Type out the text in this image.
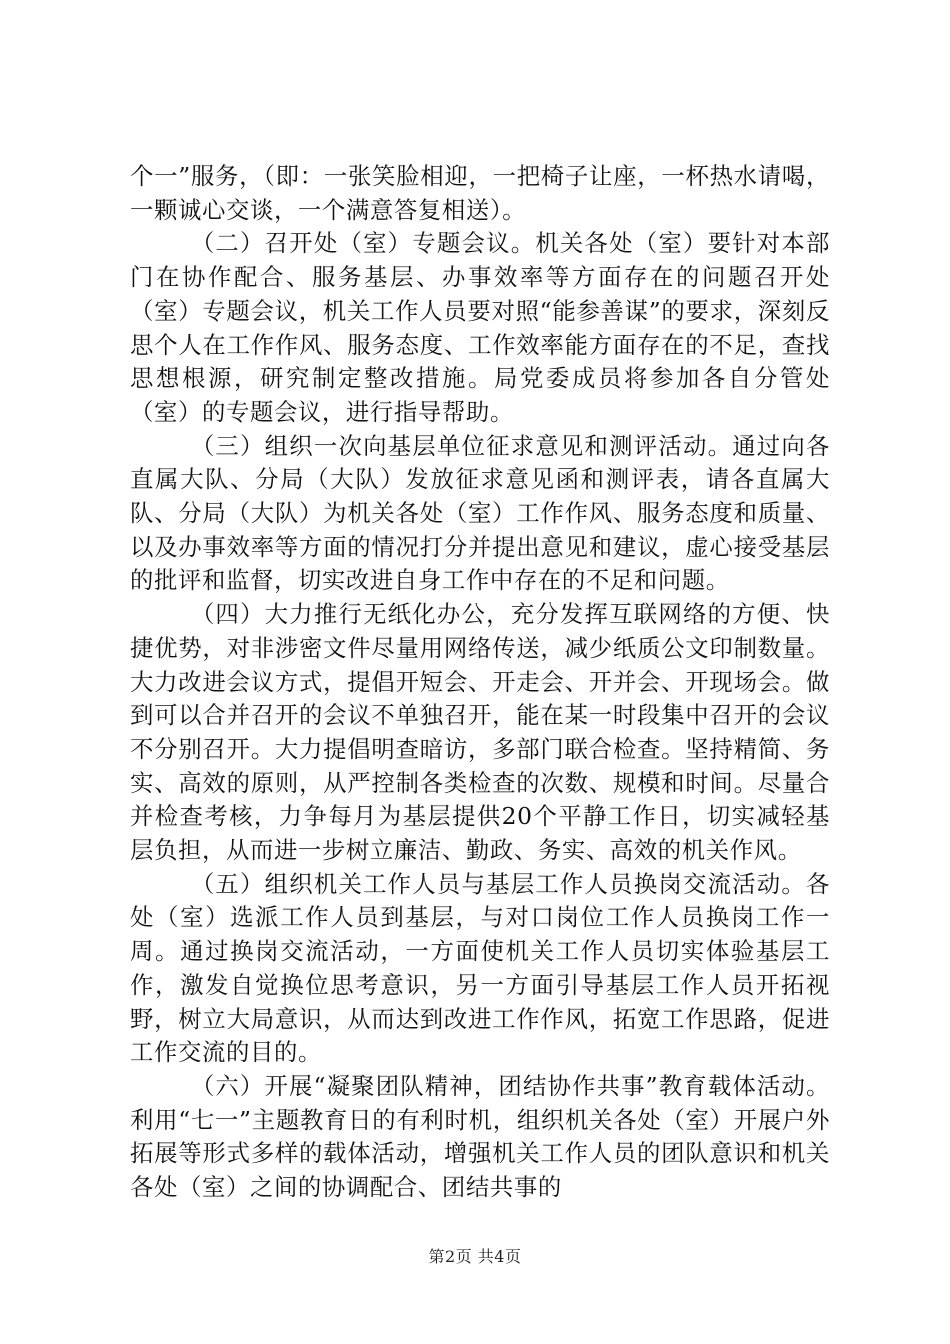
个一”服务，（即：一张笑脸相迎，一把椅子让座，一杯热水请喝，一颗诚心交谈，一个满意答复相送）。

（二）召开处（室）专题会议。机关各处（室）要针对本部门在协作配合、服务基层、办事效率等方面存在的问题召开处（室）专题会议，机关工作人员要对照“能参善谋”的要求，深刻反思个人在工作作风、服务态度、工作效率能方面存在的不足，查找思想根源，研究制定整改措施。局党委成员将参加各自分管处（室）的专题会议，进行指导帮助。

（三）组织一次向基层单位征求意见和测评活动。通过向各直属大队、分局（大队）发放征求意见函和测评表，请各直属大队、分局（大队）为机关各处（室）工作作风、服务态度和质量、以及办事效率等方面的情况打分并提出意见和建议，虚心接受基层的批评和监督，切实改进自身工作中存在的不足和问题。

（四）大力推行无纸化办公，充分发挥互联网络的方便、快捷优势，对非涉密文件尽量用网络传送，减少纸质公文印制数量。大力改进会议方式，提倡开短会、开走会、开并会、开现场会。做到可以合并召开的会议不单独召开，能在某一时段集中召开的会议不分别召开。大力提倡明查暗访，多部门联合检查。坚持精简、务实、高效的原则，从严控制各类检查的次数、规模和时间。尽量合并检查考核，力争每月为基层提供20个平静工作日，切实减轻基层负担，从而进一步树立廉洁、勤政、务实、高效的机关作风。

（五）组织机关工作人员与基层工作人员换岗交流活动。各处（室）选派工作人员到基层，与对口岗位工作人员换岗工作一周。通过换岗交流活动，一方面使机关工作人员切实体验基层工作，激发自觉换位思考意识，另一方面引导基层工作人员开拓视野，树立大局意识，从而达到改进工作作风，拓宽工作思路，促进工作交流的目的。

（六）开展“凝聚团队精神，团结协作共事”教育载体活动。利用“七一”主题教育日的有利时机，组织机关各处（室）开展户外拓展等形式多样的载体活动，增强机关工作人员的团队意识和机关各处（室）之间的协调配合、团结共事的

第2页 共4页
